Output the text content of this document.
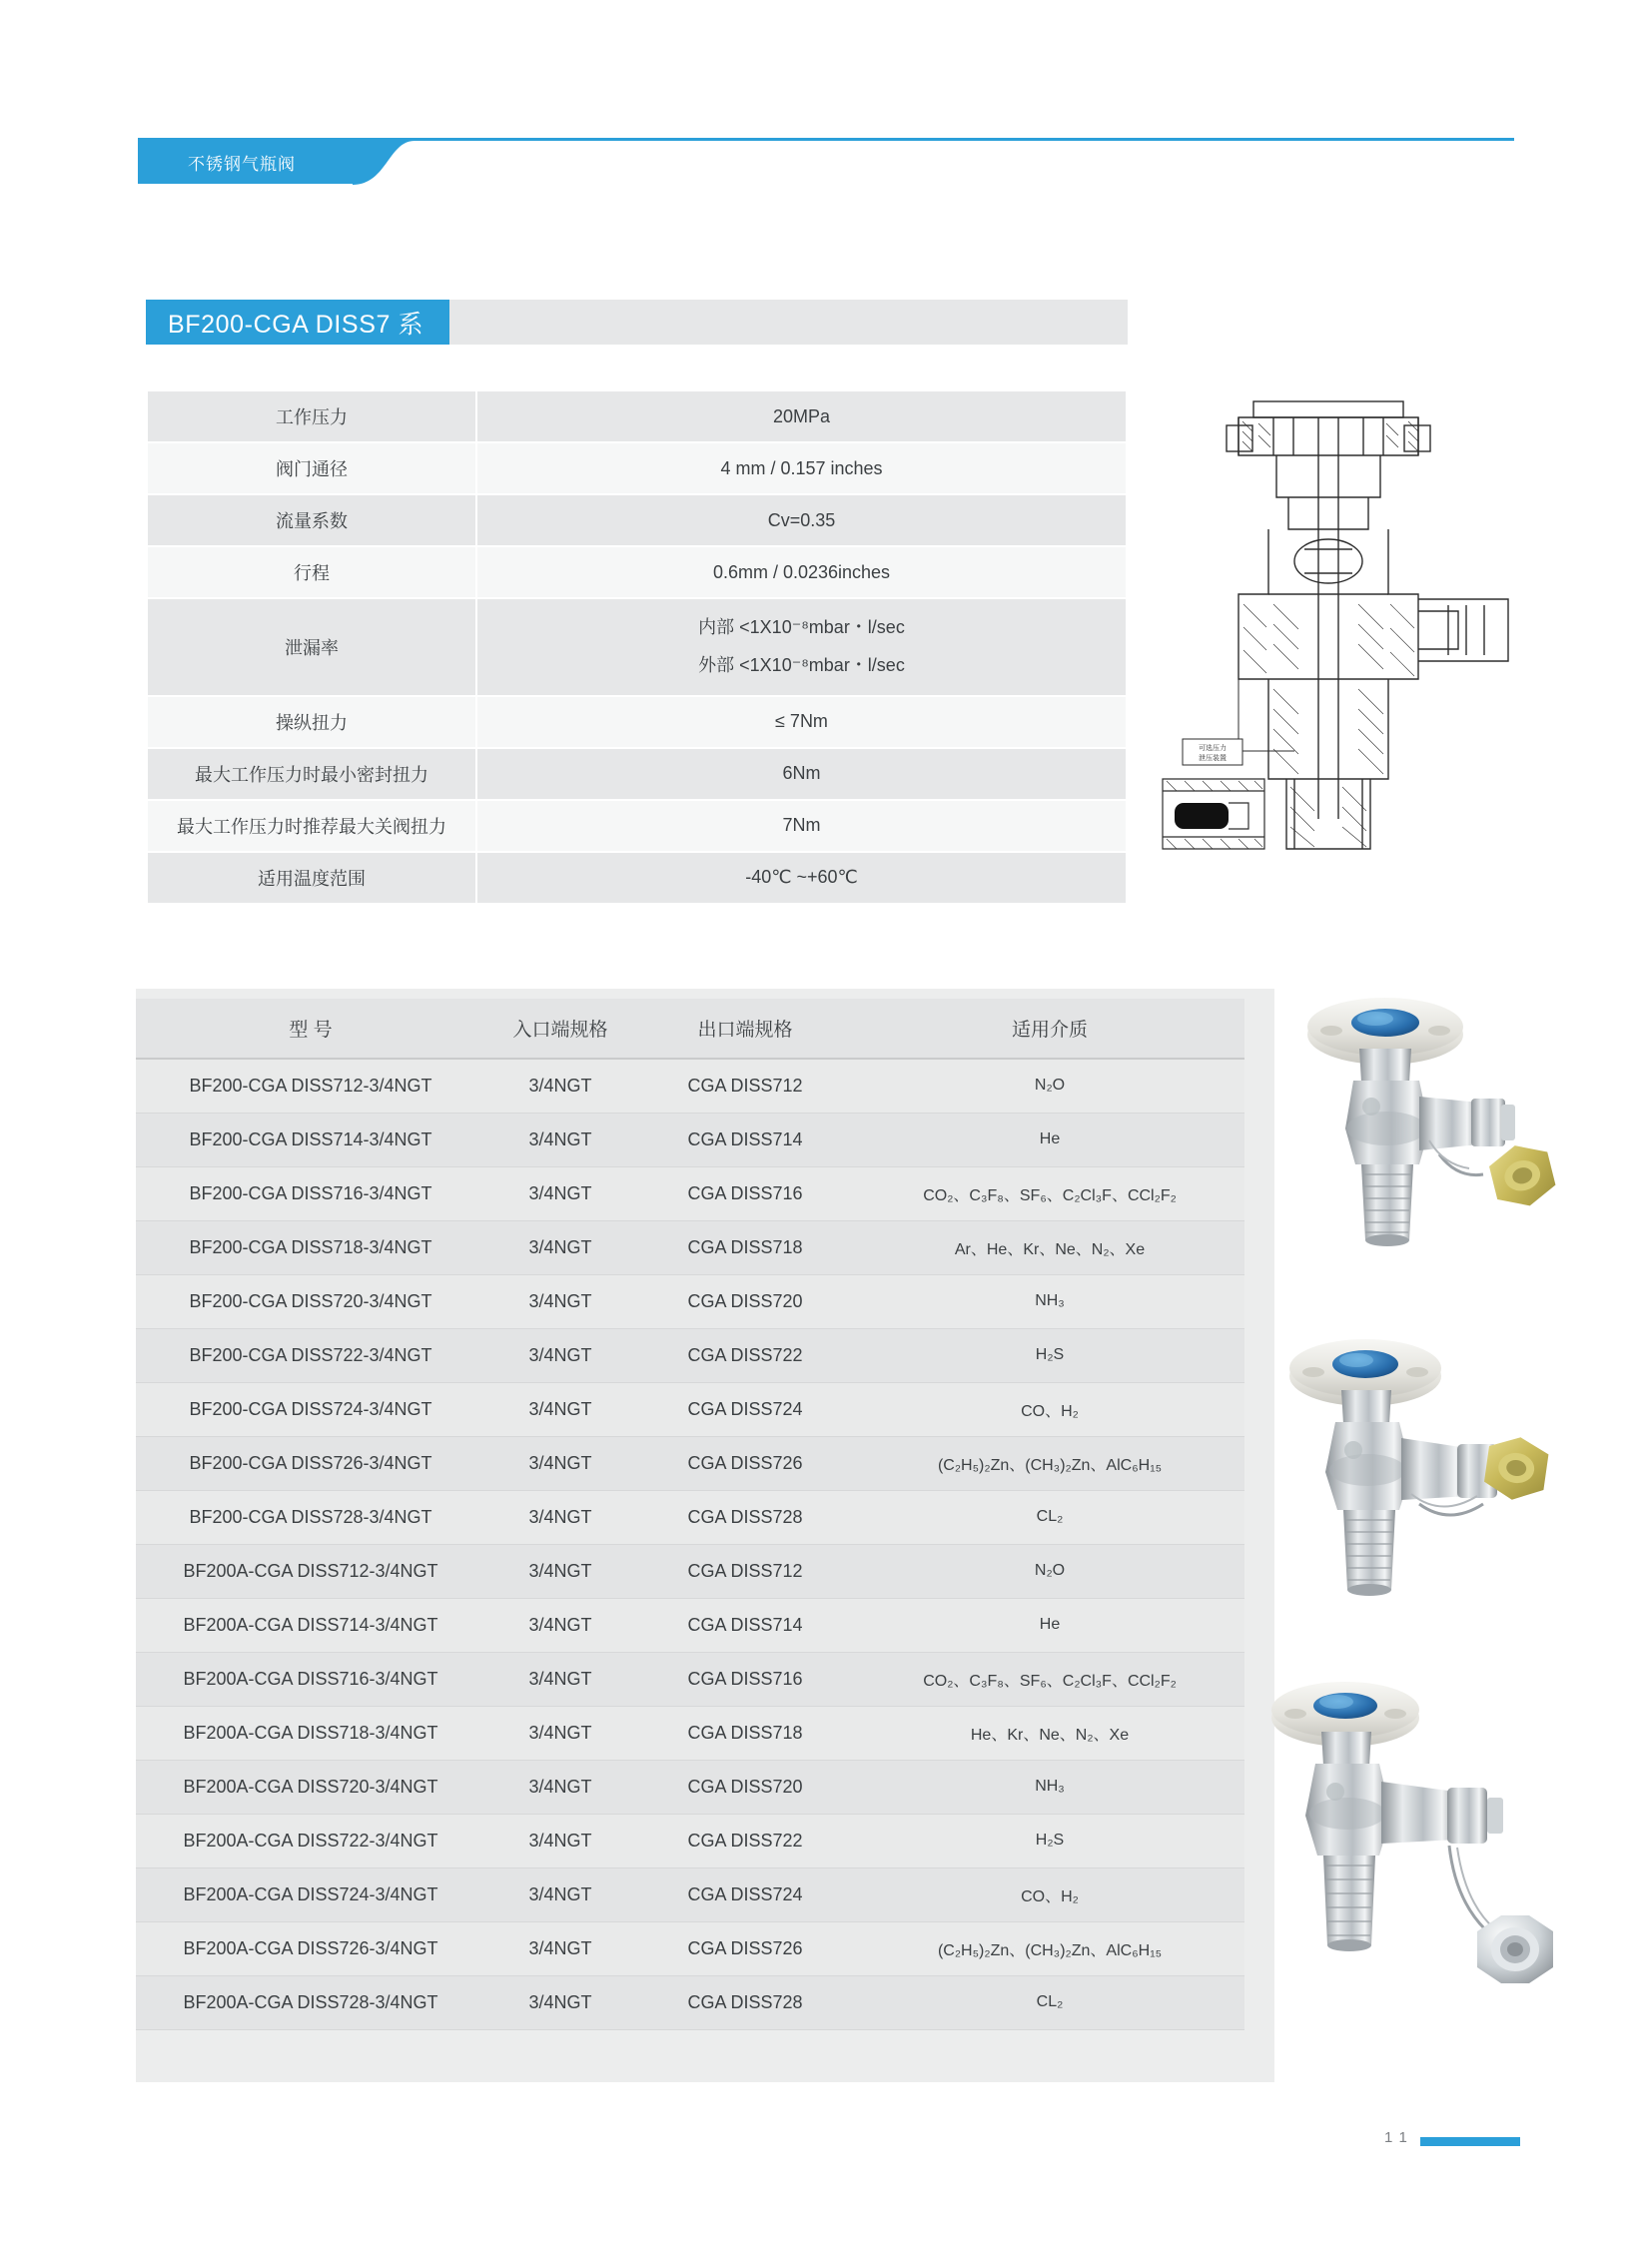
不锈钢气瓶阀
BF200-CGA DISS7 系
工作压力	20MPa
阀门通径	4 mm / 0.157 inches
流量系数	Cv=0.35
行程	0.6mm / 0.0236inches
泄漏率	内部 <1X10⁻⁸mbar・l/sec
外部 <1X10⁻⁸mbar・l/sec

操纵扭力	≤ 7Nm
最大工作压力时最小密封扭力	6Nm
最大工作压力时推荐最大关阀扭力	7Nm
适用温度范围	-40℃ ~+60℃
可选压力
泄压装置
型 号	入口端规格	出口端规格	适用介质
BF200-CGA DISS712-3/4NGT	3/4NGT	CGA DISS712	N₂O
BF200-CGA DISS714-3/4NGT	3/4NGT	CGA DISS714	He
BF200-CGA DISS716-3/4NGT	3/4NGT	CGA DISS716	CO₂、C₃F₈、SF₆、C₂Cl₃F、CCl₂F₂
BF200-CGA DISS718-3/4NGT	3/4NGT	CGA DISS718	Ar、He、Kr、Ne、N₂、Xe
BF200-CGA DISS720-3/4NGT	3/4NGT	CGA DISS720	NH₃
BF200-CGA DISS722-3/4NGT	3/4NGT	CGA DISS722	H₂S
BF200-CGA DISS724-3/4NGT	3/4NGT	CGA DISS724	CO、H₂
BF200-CGA DISS726-3/4NGT	3/4NGT	CGA DISS726	(C₂H₅)₂Zn、(CH₃)₂Zn、AlC₆H₁₅
BF200-CGA DISS728-3/4NGT	3/4NGT	CGA DISS728	CL₂
BF200A-CGA DISS712-3/4NGT	3/4NGT	CGA DISS712	N₂O
BF200A-CGA DISS714-3/4NGT	3/4NGT	CGA DISS714	He
BF200A-CGA DISS716-3/4NGT	3/4NGT	CGA DISS716	CO₂、C₃F₈、SF₆、C₂Cl₃F、CCl₂F₂
BF200A-CGA DISS718-3/4NGT	3/4NGT	CGA DISS718	He、Kr、Ne、N₂、Xe
BF200A-CGA DISS720-3/4NGT	3/4NGT	CGA DISS720	NH₃
BF200A-CGA DISS722-3/4NGT	3/4NGT	CGA DISS722	H₂S
BF200A-CGA DISS724-3/4NGT	3/4NGT	CGA DISS724	CO、H₂
BF200A-CGA DISS726-3/4NGT	3/4NGT	CGA DISS726	(C₂H₅)₂Zn、(CH₃)₂Zn、AlC₆H₁₅
BF200A-CGA DISS728-3/4NGT	3/4NGT	CGA DISS728	CL₂
1 1
